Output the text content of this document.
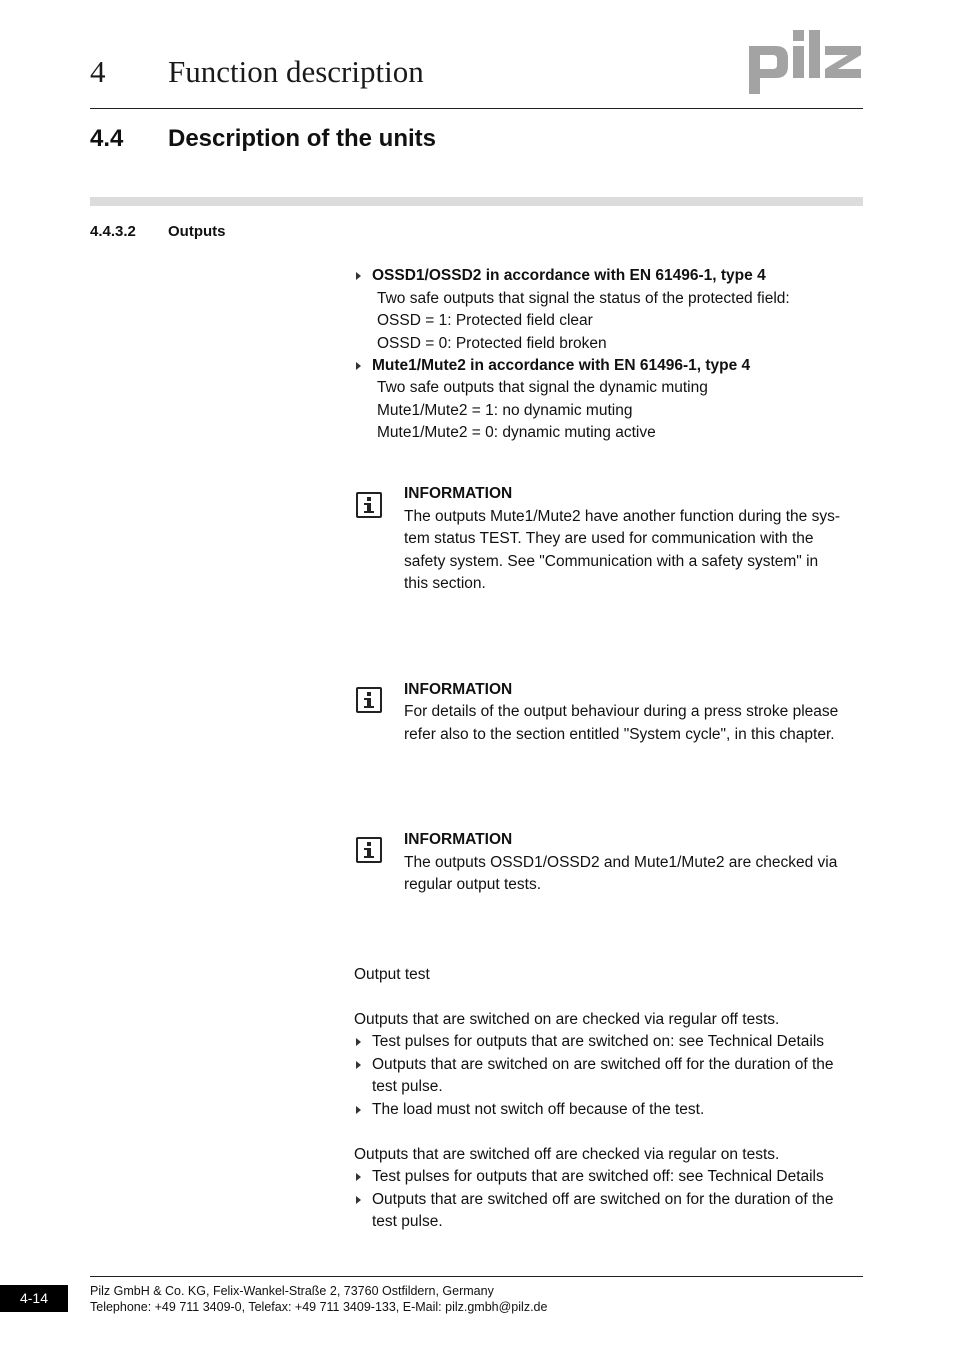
4 Function description
4.4 Description of the units
4.4.3.2 Outputs
OSSD1/OSSD2 in accordance with EN 61496-1, type 4
Two safe outputs that signal the status of the protected field:
OSSD = 1: Protected field clear
OSSD = 0: Protected field broken
Mute1/Mute2 in accordance with EN 61496-1, type 4
Two safe outputs that signal the dynamic muting
Mute1/Mute2 = 1: no dynamic muting
Mute1/Mute2 = 0: dynamic muting active
INFORMATION
The outputs Mute1/Mute2 have another function during the sys-
tem status TEST. They are used for communication with the
safety system. See "Communication with a safety system" in
this section.
INFORMATION
For details of the output behaviour during a press stroke please
refer also to the section entitled "System cycle", in this chapter.
INFORMATION
The outputs OSSD1/OSSD2 and Mute1/Mute2 are checked via
regular output tests.
Output test
Outputs that are switched on are checked via regular off tests.
Test pulses for outputs that are switched on: see Technical Details
Outputs that are switched on are switched off for the duration of the
test pulse.
The load must not switch off because of the test.
Outputs that are switched off are checked via regular on tests.
Test pulses for outputs that are switched off: see Technical Details
Outputs that are switched off are switched on for the duration of the
test pulse.
4-14	Pilz GmbH & Co. KG, Felix-Wankel-Straße 2, 73760 Ostfildern, Germany
Telephone: +49 711 3409-0, Telefax: +49 711 3409-133, E-Mail: pilz.gmbh@pilz.de
